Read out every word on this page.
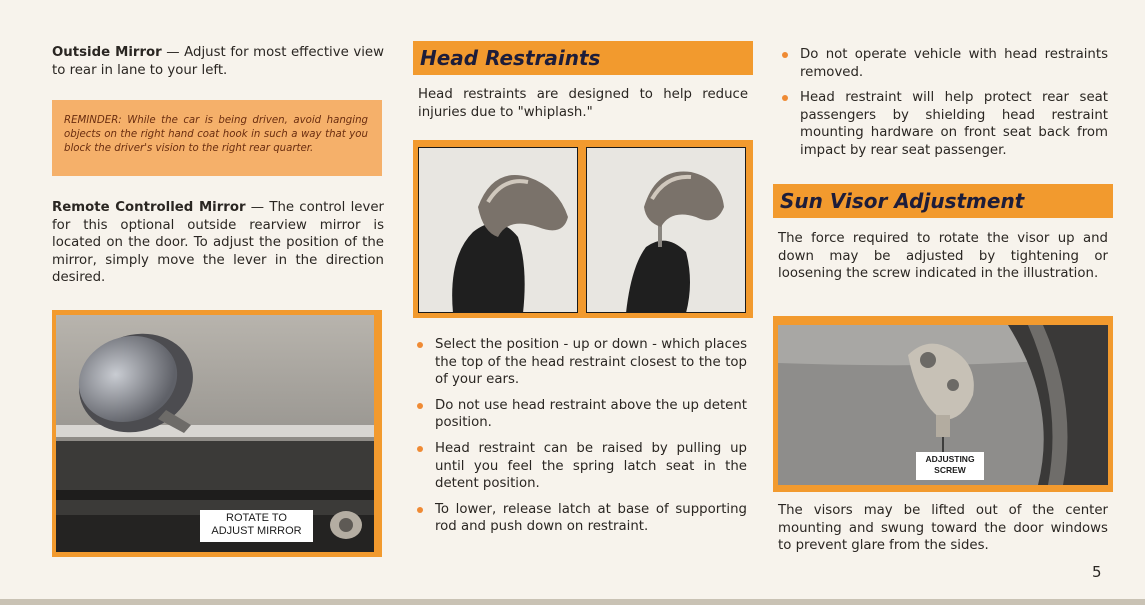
Outside Mirror — Adjust for most effective view to rear in lane to your left.

REMINDER: While the car is being driven, avoid hanging objects on the right hand coat hook in such a way that you block the driver's vision to the right rear quarter.

Remote Controlled Mirror — The control lever for this optional outside rearview mirror is located on the door. To adjust the position of the mirror, simply move the lever in the direction desired.

ROTATE TO
ADJUST MIRROR
Head Restraints

Head restraints are designed to help reduce injuries due to "whiplash."

Select the position - up or down - which places the top of the head restraint closest to the top of your ears.
Do not use head restraint above the up detent position.
Head restraint can be raised by pulling up until you feel the spring latch seat in the detent position.
To lower, release latch at base of supporting rod and push down on restraint.
Do not operate vehicle with head restraints removed.
Head restraint will help protect rear seat passengers by shielding head restraint mounting hardware on front seat back from impact by rear seat passenger.
Sun Visor Adjustment

The force required to rotate the visor up and down may be adjusted by tightening or loosening the screw indicated in the illustration.

ADJUSTING
SCREW

The visors may be lifted out of the center mounting and swung toward the door windows to prevent glare from the sides.

5
